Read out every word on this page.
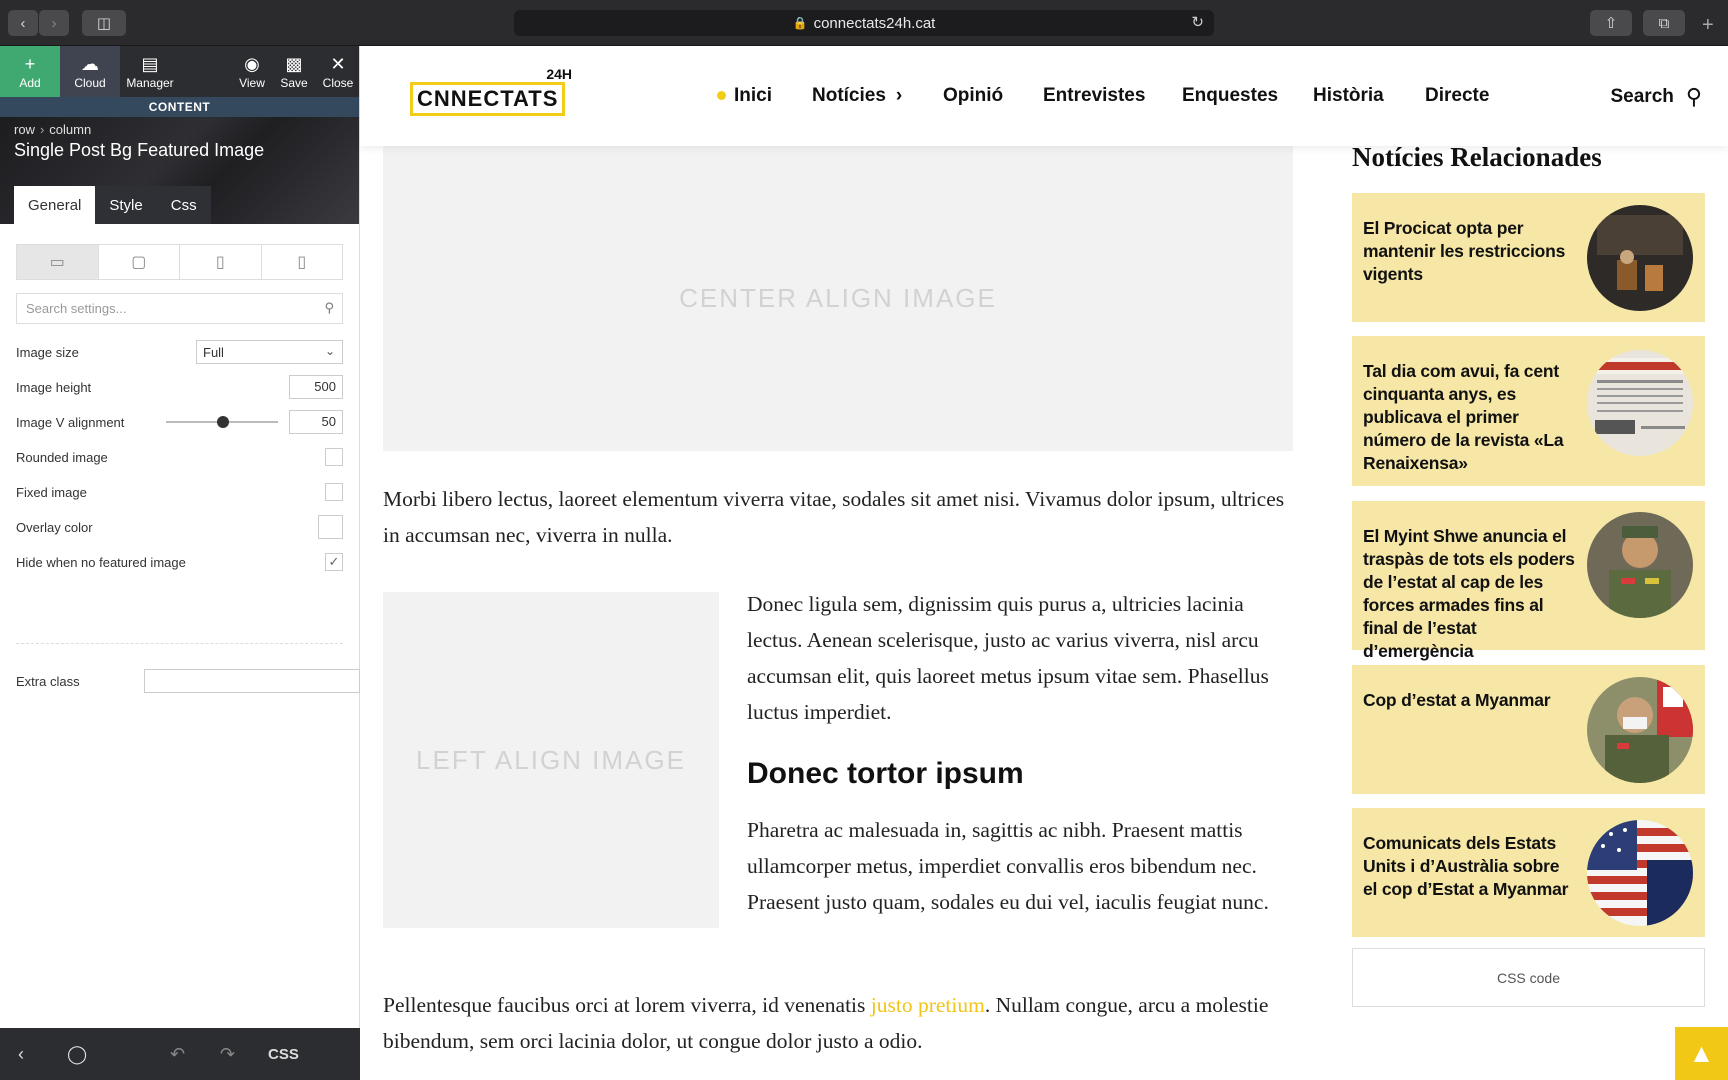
‹	›	◫	🔒 connectats24h.cat	↻	⇧	⧉ +
+
Add
☁
Cloud
▤
Manager
◉
View
▩
Save
✕
Close
CONTENT
row › column
Single Post Bg Featured Image
General	Style	Css
▭	▢	▯	▯
Search settings...	⚲
Image size	Full	⌄
Image height	500
Image V alignment	50
Rounded image
Fixed image
Overlay color
Hide when no featured image	✓
Extra class
‹ ◯	↶ ↷ CSS
24H
CNNECTATS	Inici Notícies › Opinió Entrevistes Enquestes Història Directe	Search ⚲
CENTER ALIGN IMAGE
Morbi libero lectus, laoreet elementum viverra vitae, sodales sit amet nisi. Vivamus dolor ipsum, ultrices in accumsan nec, viverra in nulla.
LEFT ALIGN IMAGE
Donec ligula sem, dignissim quis purus a, ultricies lacinia lectus. Aenean scelerisque, justo ac varius viverra, nisl arcu accumsan elit, quis laoreet metus ipsum vitae sem. Phasellus luctus imperdiet.
Donec tortor ipsum
Pharetra ac malesuada in, sagittis ac nibh. Praesent mattis ullamcorper metus, imperdiet convallis eros bibendum nec. Praesent justo quam, sodales eu dui vel, iaculis feugiat nunc.
Pellentesque faucibus orci at lorem viverra, id venenatis justo pretium. Nullam congue, arcu a molestie bibendum, sem orci lacinia dolor, ut congue dolor justo a odio.
Notícies Relacionades
El Procicat opta per mantenir les restriccions vigents
Tal dia com avui, fa cent cinquanta anys, es publicava el primer número de la revista «La Renaixensa»
El Myint Shwe anuncia el traspàs de tots els poders de l’estat al cap de les forces armades fins al final de l’estat d’emergència
Cop d’estat a Myanmar
Comunicats dels Estats Units i d’Austràlia sobre el cop d’Estat a Myanmar
CSS code
▲
